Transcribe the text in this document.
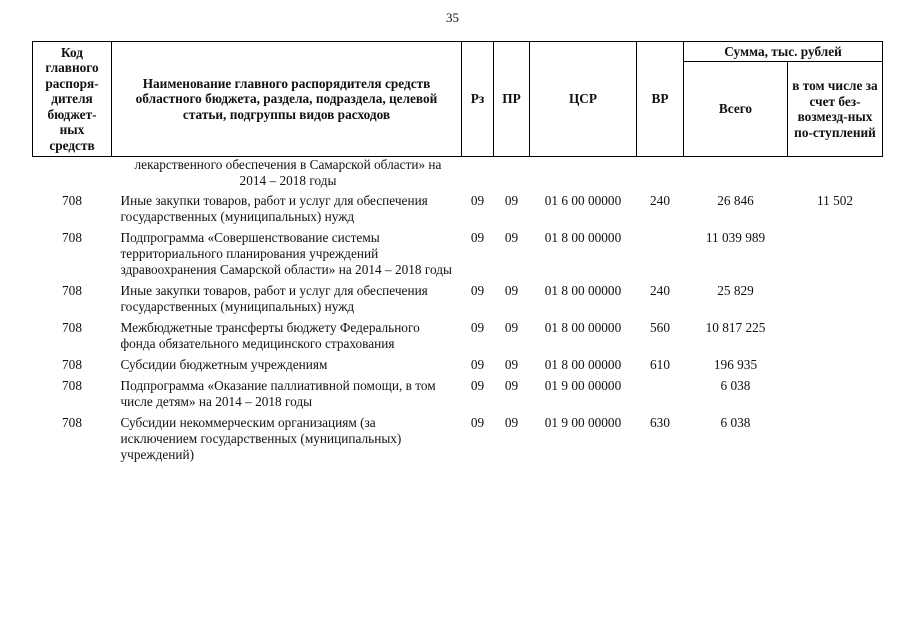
35
Код главного распоря-дителя бюджет-ных средств	Наименование главного распорядителя средств областного бюджета, раздела, подраздела, целевой статьи, подгруппы видов расходов	Рз	ПР	ЦСР	ВР	Сумма, тыс. рублей	
						Всего	в том числе за счет без-возмезд-ных по-ступлений
	лекарственного обеспечения в Самарской области» на 2014 – 2018 годы						
708	Иные закупки товаров, работ и услуг для обеспечения государственных (муниципальных) нужд	09	09	01 6 00 00000	240	26 846	11 502
708	Подпрограмма «Совершенствование системы территориального планирования учреждений здравоохранения Самарской области» на 2014 – 2018 годы	09	09	01 8 00 00000		11 039 989	
708	Иные закупки товаров, работ и услуг для обеспечения государственных (муниципальных) нужд	09	09	01 8 00 00000	240	25 829	
708	Межбюджетные трансферты бюджету Федерального фонда обязательного медицинского страхования	09	09	01 8 00 00000	560	10 817 225	
708	Субсидии бюджетным учреждениям	09	09	01 8 00 00000	610	196 935	
708	Подпрограмма «Оказание паллиативной помощи, в том числе детям» на 2014 – 2018 годы	09	09	01 9 00 00000		6 038	
708	Субсидии некоммерческим организациям (за исключением государственных (муниципальных) учреждений)	09	09	01 9 00 00000	630	6 038	
